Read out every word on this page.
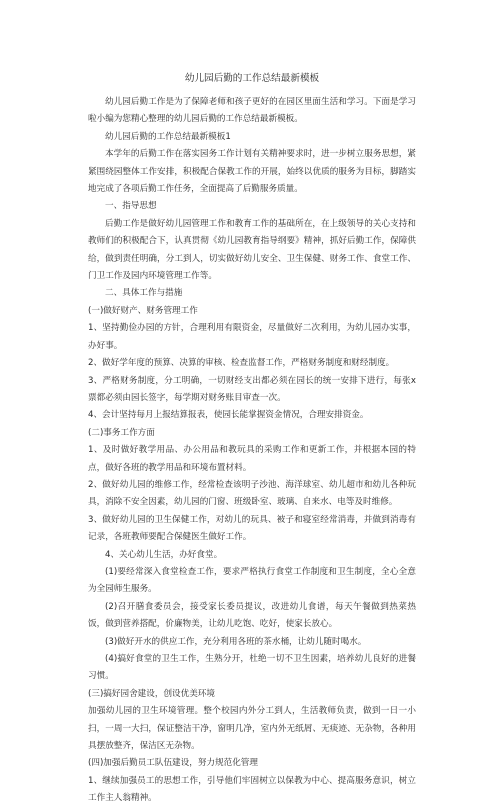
幼儿园后勤的工作总结最新模板

幼儿园后勤工作是为了保障老师和孩子更好的在园区里面生活和学习。下面是学习啦小编为您精心整理的幼儿园后勤的工作总结最新模板。

幼儿园后勤的工作总结最新模板1

本学年的后勤工作在落实园务工作计划有关精神要求时，进一步树立服务思想，紧紧围绕园整体工作安排，积极配合保教工作的开展，始终以优质的服务为目标，脚踏实地完成了各项后勤工作任务，全面提高了后勤服务质量。

一、指导思想

后勤工作是做好幼儿园管理工作和教育工作的基础所在，在上级领导的关心支持和教师们的积极配合下，认真贯彻《幼儿园教育指导纲要》精神，抓好后勤工作，保障供给，做到责任明确，分工到人，切实做好幼儿安全、卫生保健、财务工作、食堂工作、门卫工作及园内环境管理工作等。

二、具体工作与措施

(一)做好财产、财务管理工作

1、坚持勤俭办园的方针，合理利用有限资金，尽量做好二次利用，为幼儿园办实事，办好事。

2、做好学年度的预算、决算的审核、检查监督工作，严格财务制度和财经制度。

3、严格财务制度，分工明确，一切财经支出都必须在园长的统一安排下进行，每张x票都必须由园长签字，每学期对财务账目审查一次。

4、会计坚持每月上报结算报表，使园长能掌握资金情况，合理安排资金。

(二)事务工作方面

1、及时做好教学用品、办公用品和教玩具的采购工作和更新工作，并根据本园的特点，做好各班的教学用品和环境布置材料。

2、做好幼儿园的维修工作，经常检查该明子沙池、海洋球室、幼儿超市和幼儿各种玩具，消除不安全因素，幼儿园的门窗、班级卧室、玻璃、自来水、电等及时维修。

3、做好幼儿园的卫生保健工作，对幼儿的玩具、被子和寝室经常消毒，并做到消毒有记录，各班教师要配合保健医生做好工作。

4、关心幼儿生活，办好食堂。

(1)要经常深入食堂检查工作，要求严格执行食堂工作制度和卫生制度，全心全意为全园师生服务。

(2)召开膳食委员会，接受家长委员提议，改进幼儿食谱，每天午餐做到热菜热饭，做到营养搭配，价廉物美，让幼儿吃饱、吃好，使家长放心。

(3)做好开水的供应工作，充分利用各班的茶水桶，让幼儿随时喝水。

(4)搞好食堂的卫生工作，生熟分开，杜绝一切不卫生因素，培养幼儿良好的进餐习惯。

(三)搞好园舍建设，创设优美环境

加强幼儿园的卫生环境管理。整个校园内外分工到人，生活教师负责，做到一日一小扫，一周一大扫，保证整洁干净，窗明几净，室内外无纸屑、无痰迹、无杂物，各种用具摆放整齐，保洁区无杂物。

(四)加强后勤员工队伍建设，努力规范化管理

1、继续加强员工的思想工作，引导他们牢固树立以保教为中心、提高服务意识，树立工作主人翁精神。
